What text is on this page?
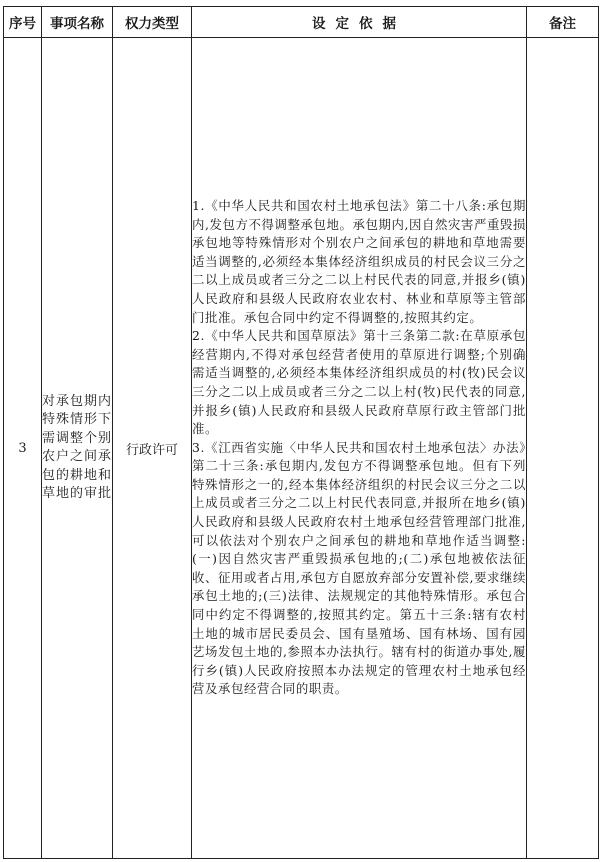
序号	事项名称	权力类型	设定依据	备注
3	对承包期内特殊情形下需调整个别农户之间承包的耕地和草地的审批	行政许可	1.《中华人民共和国农村土地承包法》第二十八条:承包期内,发包方不得调整承包地。承包期内,因自然灾害严重毁损承包地等特殊情形对个别农户之间承包的耕地和草地需要适当调整的,必须经本集体经济组织成员的村民会议三分之二以上成员或者三分之二以上村民代表的同意,并报乡(镇)人民政府和县级人民政府农业农村、林业和草原等主管部门批准。承包合同中约定不得调整的,按照其约定。

2.《中华人民共和国草原法》第十三条第二款:在草原承包经营期内,不得对承包经营者使用的草原进行调整;个别确需适当调整的,必须经本集体经济组织成员的村(牧)民会议三分之二以上成员或者三分之二以上村(牧)民代表的同意,并报乡(镇)人民政府和县级人民政府草原行政主管部门批准。

3.《江西省实施〈中华人民共和国农村土地承包法〉办法》第二十三条:承包期内,发包方不得调整承包地。但有下列特殊情形之一的,经本集体经济组织的村民会议三分之二以上成员或者三分之二以上村民代表同意,并报所在地乡(镇)人民政府和县级人民政府农村土地承包经营管理部门批准,可以依法对个别农户之间承包的耕地和草地作适当调整:(一)因自然灾害严重毁损承包地的;(二)承包地被依法征收、征用或者占用,承包方自愿放弃部分安置补偿,要求继续承包土地的;(三)法律、法规规定的其他特殊情形。承包合同中约定不得调整的,按照其约定。第五十三条:辖有农村土地的城市居民委员会、国有垦殖场、国有林场、国有园艺场发包土地的,参照本办法执行。辖有村的街道办事处,履行乡(镇)人民政府按照本办法规定的管理农村土地承包经营及承包经营合同的职责。	
